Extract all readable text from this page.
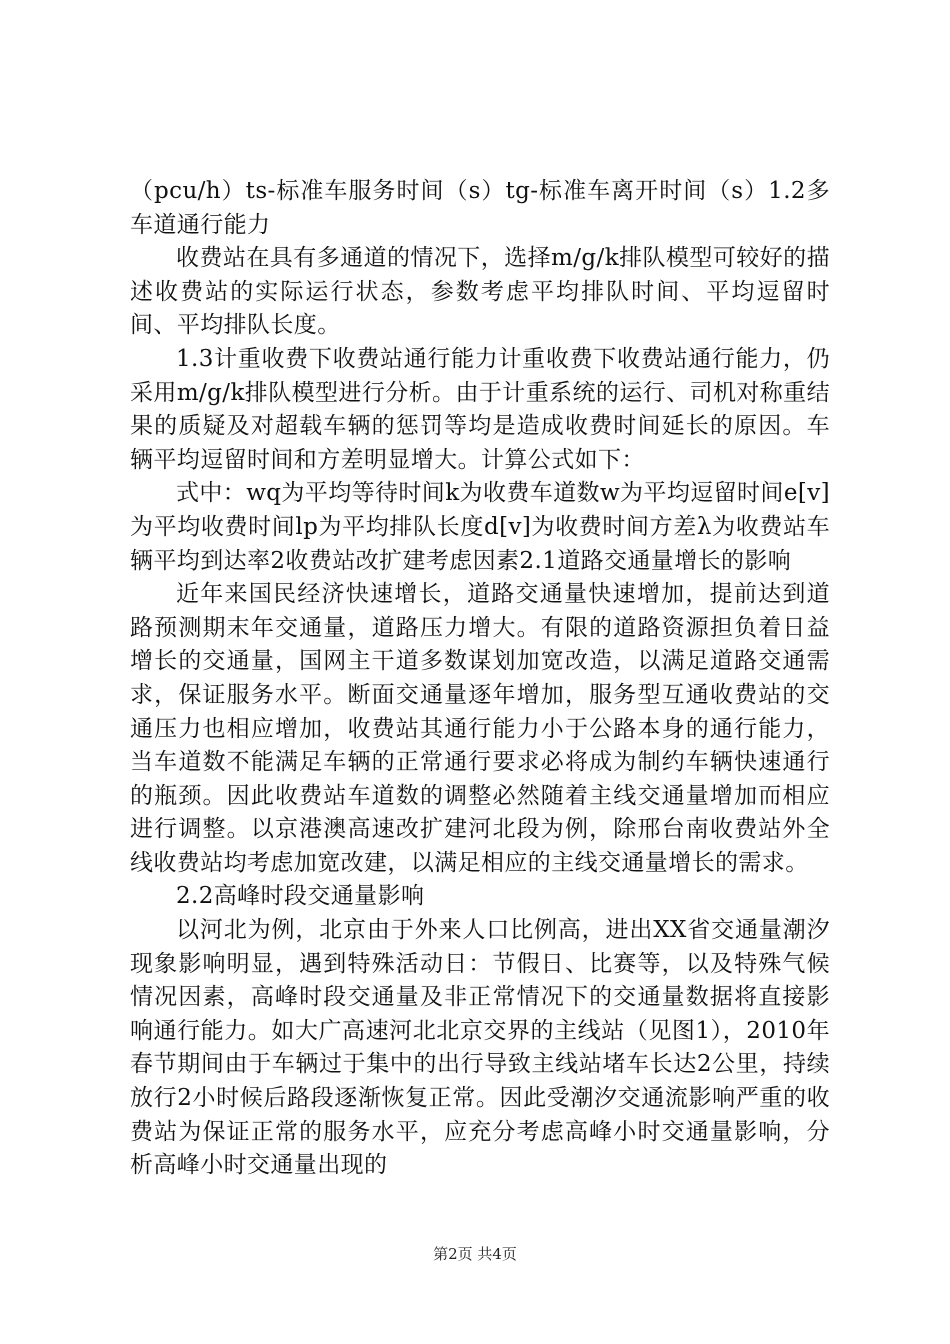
（pcu/h）ts-标准车服务时间（s）tg-标准车离开时间（s）1.2多车道通行能力

收费站在具有多通道的情况下，选择m/g/k排队模型可较好的描述收费站的实际运行状态，参数考虑平均排队时间、平均逗留时间、平均排队长度。

1.3计重收费下收费站通行能力计重收费下收费站通行能力，仍采用m/g/k排队模型进行分析。由于计重系统的运行、司机对称重结果的质疑及对超载车辆的惩罚等均是造成收费时间延长的原因。车辆平均逗留时间和方差明显增大。计算公式如下：

式中：wq为平均等待时间k为收费车道数w为平均逗留时间e[v]为平均收费时间lp为平均排队长度d[v]为收费时间方差λ为收费站车辆平均到达率2收费站改扩建考虑因素2.1道路交通量增长的影响

近年来国民经济快速增长，道路交通量快速增加，提前达到道路预测期末年交通量，道路压力增大。有限的道路资源担负着日益增长的交通量，国网主干道多数谋划加宽改造，以满足道路交通需求，保证服务水平。断面交通量逐年增加，服务型互通收费站的交通压力也相应增加，收费站其通行能力小于公路本身的通行能力，当车道数不能满足车辆的正常通行要求必将成为制约车辆快速通行的瓶颈。因此收费站车道数的调整必然随着主线交通量增加而相应进行调整。以京港澳高速改扩建河北段为例，除邢台南收费站外全线收费站均考虑加宽改建，以满足相应的主线交通量增长的需求。

2.2高峰时段交通量影响

以河北为例，北京由于外来人口比例高，进出XX省交通量潮汐现象影响明显，遇到特殊活动日：节假日、比赛等，以及特殊气候情况因素，高峰时段交通量及非正常情况下的交通量数据将直接影响通行能力。如大广高速河北北京交界的主线站（见图1），2010年春节期间由于车辆过于集中的出行导致主线站堵车长达2公里，持续放行2小时候后路段逐渐恢复正常。因此受潮汐交通流影响严重的收费站为保证正常的服务水平，应充分考虑高峰小时交通量影响，分析高峰小时交通量出现的

第2页 共4页
